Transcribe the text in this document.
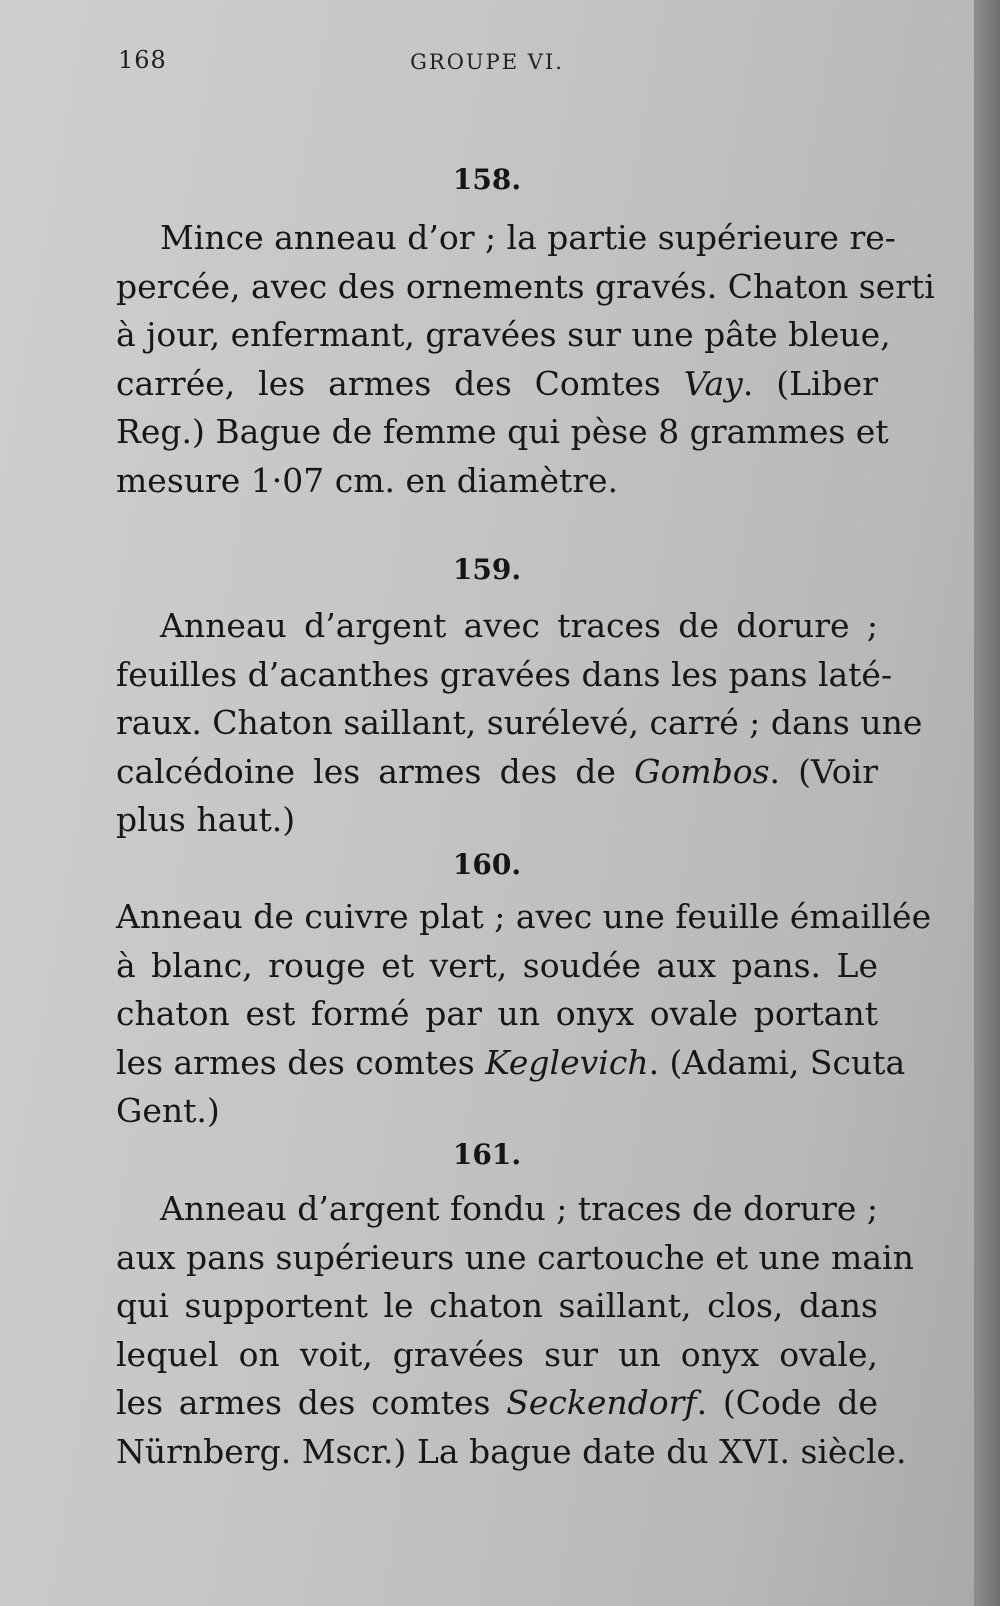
168	GROUPE VI.
158.
Mince anneau d’or ; la partie supérieure re-
percée, avec des ornements gravés. Chaton serti
à jour, enfermant, gravées sur une pâte bleue,
carrée, les armes des Comtes Vay. (Liber
Reg.) Bague de femme qui pèse 8 grammes et
mesure 1·07 cm. en diamètre.
159.
Anneau d’argent avec traces de dorure ;
feuilles d’acanthes gravées dans les pans laté-
raux. Chaton saillant, surélevé, carré ; dans une
calcédoine les armes des de Gombos. (Voir
plus haut.)
160.
Anneau de cuivre plat ; avec une feuille émaillée
à blanc, rouge et vert, soudée aux pans. Le
chaton est formé par un onyx ovale portant
les armes des comtes Keglevich. (Adami, Scuta
Gent.)
161.
Anneau d’argent fondu ; traces de dorure ;
aux pans supérieurs une cartouche et une main
qui supportent le chaton saillant, clos, dans
lequel on voit, gravées sur un onyx ovale,
les armes des comtes Seckendorf. (Code de
Nürnberg. Mscr.) La bague date du XVI. siècle.
